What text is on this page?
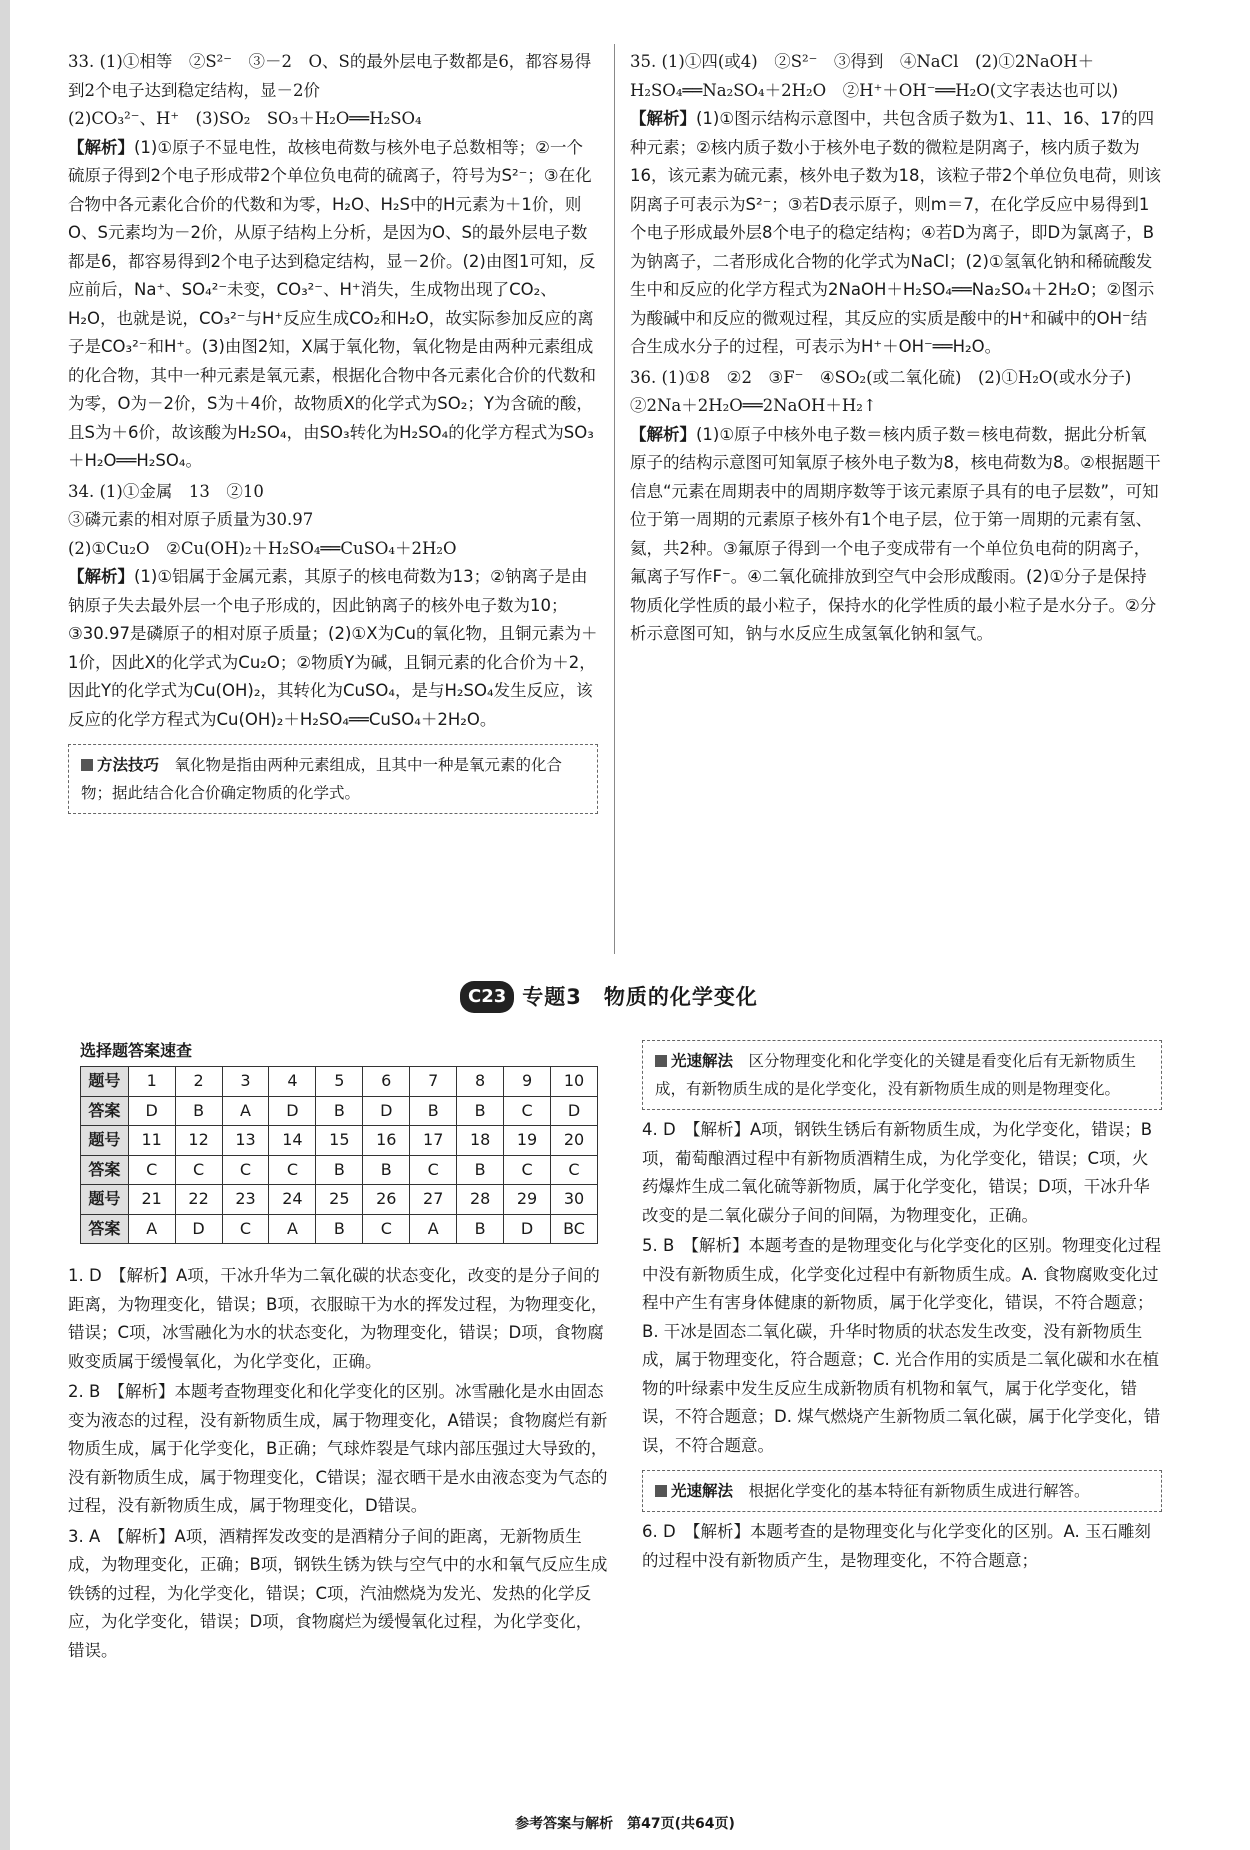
33. (1)①相等　②S²⁻　③－2　O、S的最外层电子数都是6，都容易得到2个电子达到稳定结构，显－2价
(2)CO₃²⁻、H⁺　(3)SO₂　SO₃＋H₂O══H₂SO₄
【解析】(1)①原子不显电性，故核电荷数与核外电子总数相等；②一个硫原子得到2个电子形成带2个单位负电荷的硫离子，符号为S²⁻；③在化合物中各元素化合价的代数和为零，H₂O、H₂S中的H元素为＋1价，则O、S元素均为－2价，从原子结构上分析，是因为O、S的最外层电子数都是6，都容易得到2个电子达到稳定结构，显－2价。(2)由图1可知，反应前后，Na⁺、SO₄²⁻未变，CO₃²⁻、H⁺消失，生成物出现了CO₂、H₂O，也就是说，CO₃²⁻与H⁺反应生成CO₂和H₂O，故实际参加反应的离子是CO₃²⁻和H⁺。(3)由图2知，X属于氧化物，氧化物是由两种元素组成的化合物，其中一种元素是氧元素，根据化合物中各元素化合价的代数和为零，O为－2价，S为＋4价，故物质X的化学式为SO₂；Y为含硫的酸，且S为＋6价，故该酸为H₂SO₄，由SO₃转化为H₂SO₄的化学方程式为SO₃＋H₂O══H₂SO₄。
34. (1)①金属　13　②10
③磷元素的相对原子质量为30.97
(2)①Cu₂O　②Cu(OH)₂＋H₂SO₄══CuSO₄＋2H₂O
【解析】(1)①铝属于金属元素，其原子的核电荷数为13；②钠离子是由钠原子失去最外层一个电子形成的，因此钠离子的核外电子数为10；③30.97是磷原子的相对原子质量；(2)①X为Cu的氧化物，且铜元素为＋1价，因此X的化学式为Cu₂O；②物质Y为碱，且铜元素的化合价为＋2，因此Y的化学式为Cu(OH)₂，其转化为CuSO₄，是与H₂SO₄发生反应，该反应的化学方程式为Cu(OH)₂＋H₂SO₄══CuSO₄＋2H₂O。
方法技巧　 氧化物是指由两种元素组成，且其中一种是氧元素的化合物；据此结合化合价确定物质的化学式。
35. (1)①四(或4)　②S²⁻　③得到　④NaCl　(2)①2NaOH＋H₂SO₄══Na₂SO₄＋2H₂O　②H⁺＋OH⁻══H₂O(文字表达也可以)
【解析】(1)①图示结构示意图中，共包含质子数为1、11、16、17的四种元素；②核内质子数小于核外电子数的微粒是阴离子，核内质子数为16，该元素为硫元素，核外电子数为18，该粒子带2个单位负电荷，则该阴离子可表示为S²⁻；③若D表示原子，则m＝7，在化学反应中易得到1个电子形成最外层8个电子的稳定结构；④若D为离子，即D为氯离子，B为钠离子，二者形成化合物的化学式为NaCl；(2)①氢氧化钠和稀硫酸发生中和反应的化学方程式为2NaOH＋H₂SO₄══Na₂SO₄＋2H₂O；②图示为酸碱中和反应的微观过程，其反应的实质是酸中的H⁺和碱中的OH⁻结合生成水分子的过程，可表示为H⁺＋OH⁻══H₂O。
36. (1)①8　②2　③F⁻　④SO₂(或二氧化硫)　(2)①H₂O(或水分子)　②2Na＋2H₂O══2NaOH＋H₂↑
【解析】(1)①原子中核外电子数＝核内质子数＝核电荷数，据此分析氧原子的结构示意图可知氧原子核外电子数为8，核电荷数为8。②根据题干信息“元素在周期表中的周期序数等于该元素原子具有的电子层数”，可知位于第一周期的元素原子核外有1个电子层，位于第一周期的元素有氢、氦，共2种。③氟原子得到一个电子变成带有一个单位负电荷的阴离子，氟离子写作F⁻。④二氧化硫排放到空气中会形成酸雨。(2)①分子是保持物质化学性质的最小粒子，保持水的化学性质的最小粒子是水分子。②分析示意图可知，钠与水反应生成氢氧化钠和氢气。
C23 专题3　物质的化学变化
选择题答案速查
题号	1	2	3	4	5	6	7	8	9	10
答案	D	B	A	D	B	D	B	B	C	D
题号	11	12	13	14	15	16	17	18	19	20
答案	C	C	C	C	B	B	C	B	C	C
题号	21	22	23	24	25	26	27	28	29	30
答案	A	D	C	A	B	C	A	B	D	BC
1. D　【解析】A项，干冰升华为二氧化碳的状态变化，改变的是分子间的距离，为物理变化，错误；B项，衣服晾干为水的挥发过程，为物理变化，错误；C项，冰雪融化为水的状态变化，为物理变化，错误；D项，食物腐败变质属于缓慢氧化，为化学变化，正确。
2. B　【解析】本题考查物理变化和化学变化的区别。冰雪融化是水由固态变为液态的过程，没有新物质生成，属于物理变化，A错误；食物腐烂有新物质生成，属于化学变化，B正确；气球炸裂是气球内部压强过大导致的，没有新物质生成，属于物理变化，C错误；湿衣晒干是水由液态变为气态的过程，没有新物质生成，属于物理变化，D错误。
3. A　【解析】A项，酒精挥发改变的是酒精分子间的距离，无新物质生成，为物理变化，正确；B项，钢铁生锈为铁与空气中的水和氧气反应生成铁锈的过程，为化学变化，错误；C项，汽油燃烧为发光、发热的化学反应，为化学变化，错误；D项，食物腐烂为缓慢氧化过程，为化学变化，错误。
光速解法　 区分物理变化和化学变化的关键是看变化后有无新物质生成，有新物质生成的是化学变化，没有新物质生成的则是物理变化。
4. D　【解析】A项，钢铁生锈后有新物质生成，为化学变化，错误；B项，葡萄酿酒过程中有新物质酒精生成，为化学变化，错误；C项，火药爆炸生成二氧化硫等新物质，属于化学变化，错误；D项，干冰升华改变的是二氧化碳分子间的间隔，为物理变化，正确。
5. B　【解析】本题考查的是物理变化与化学变化的区别。物理变化过程中没有新物质生成，化学变化过程中有新物质生成。A. 食物腐败变化过程中产生有害身体健康的新物质，属于化学变化，错误，不符合题意；B. 干冰是固态二氧化碳，升华时物质的状态发生改变，没有新物质生成，属于物理变化，符合题意；C. 光合作用的实质是二氧化碳和水在植物的叶绿素中发生反应生成新物质有机物和氧气，属于化学变化，错误，不符合题意；D. 煤气燃烧产生新物质二氧化碳，属于化学变化，错误，不符合题意。
光速解法　 根据化学变化的基本特征有新物质生成进行解答。
6. D　【解析】本题考查的是物理变化与化学变化的区别。A. 玉石雕刻的过程中没有新物质产生，是物理变化，不符合题意；
参考答案与解析　第47页(共64页)
